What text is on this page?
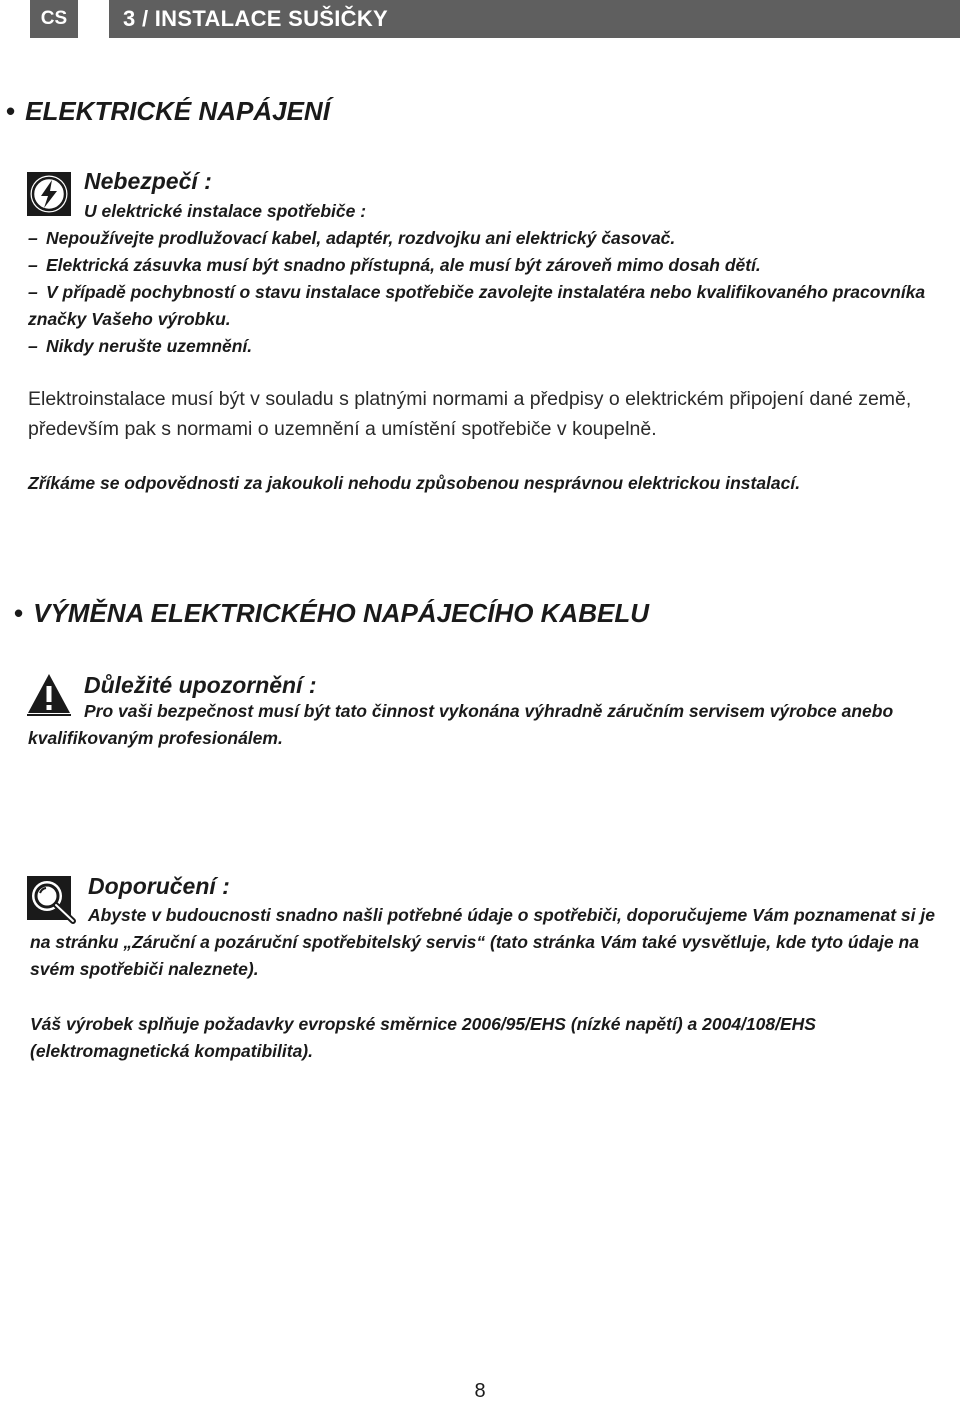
CS	3 / INSTALACE SUŠIČKY
• ELEKTRICKÉ NAPÁJENÍ
Nebezpečí :
U elektrické instalace spotřebiče :

– Nepoužívejte prodlužovací kabel, adaptér, rozdvojku ani elektrický časovač.

– Elektrická zásuvka musí být snadno přístupná, ale musí být zároveň mimo dosah dětí.

– V případě pochybností o stavu instalace spotřebiče zavolejte instalatéra nebo kvalifikovaného pracovníka značky Vašeho výrobku.

– Nikdy nerušte uzemnění.

Elektroinstalace musí být v souladu s platnými normami a předpisy o elektrickém připojení dané země, především pak s normami o uzemnění a umístění spotřebiče v koupelně.
Zříkáme se odpovědnosti za jakoukoli nehodu způsobenou nesprávnou elektrickou instalací.
• VÝMĚNA ELEKTRICKÉHO NAPÁJECÍHO KABELU
Důležité upozornění :
Pro vaši bezpečnost musí být tato činnost vykonána výhradně záručním servisem výrobce anebo kvalifikovaným profesionálem.
Doporučení :
Abyste v budoucnosti snadno našli potřebné údaje o spotřebiči, doporučujeme Vám poznamenat si je na stránku „Záruční a pozáruční spotřebitelský servis“ (tato stránka Vám také vysvětluje, kde tyto údaje na svém spotřebiči naleznete).
Váš výrobek splňuje požadavky evropské směrnice 2006/95/EHS (nízké napětí) a 2004/108/EHS (elektromagnetická kompatibilita).
8
